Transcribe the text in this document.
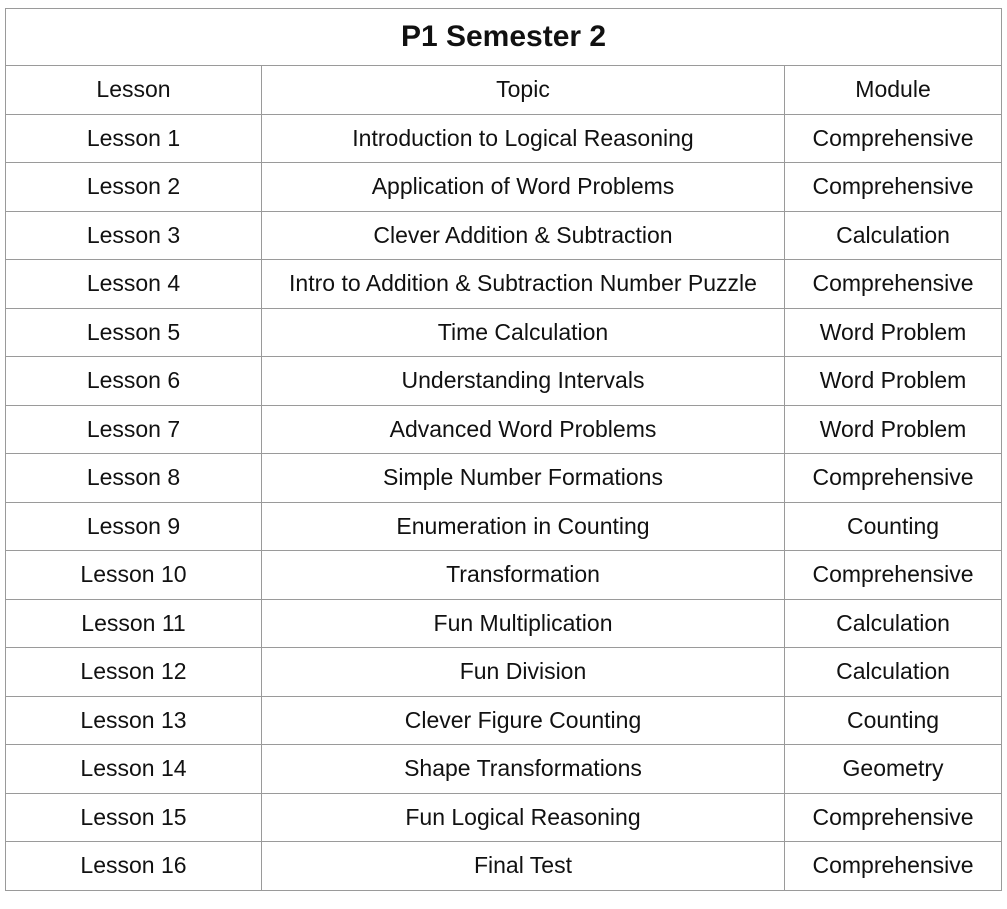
P1 Semester 2		
Lesson	Topic	Module
Lesson 1	Introduction to Logical Reasoning	Comprehensive
Lesson 2	Application of Word Problems	Comprehensive
Lesson 3	Clever Addition & Subtraction	Calculation
Lesson 4	Intro to Addition & Subtraction Number Puzzle	Comprehensive
Lesson 5	Time Calculation	Word Problem
Lesson 6	Understanding Intervals	Word Problem
Lesson 7	Advanced Word Problems	Word Problem
Lesson 8	Simple Number Formations	Comprehensive
Lesson 9	Enumeration in Counting	Counting
Lesson 10	Transformation	Comprehensive
Lesson 11	Fun Multiplication	Calculation
Lesson 12	Fun Division	Calculation
Lesson 13	Clever Figure Counting	Counting
Lesson 14	Shape Transformations	Geometry
Lesson 15	Fun Logical Reasoning	Comprehensive
Lesson 16	Final Test	Comprehensive
